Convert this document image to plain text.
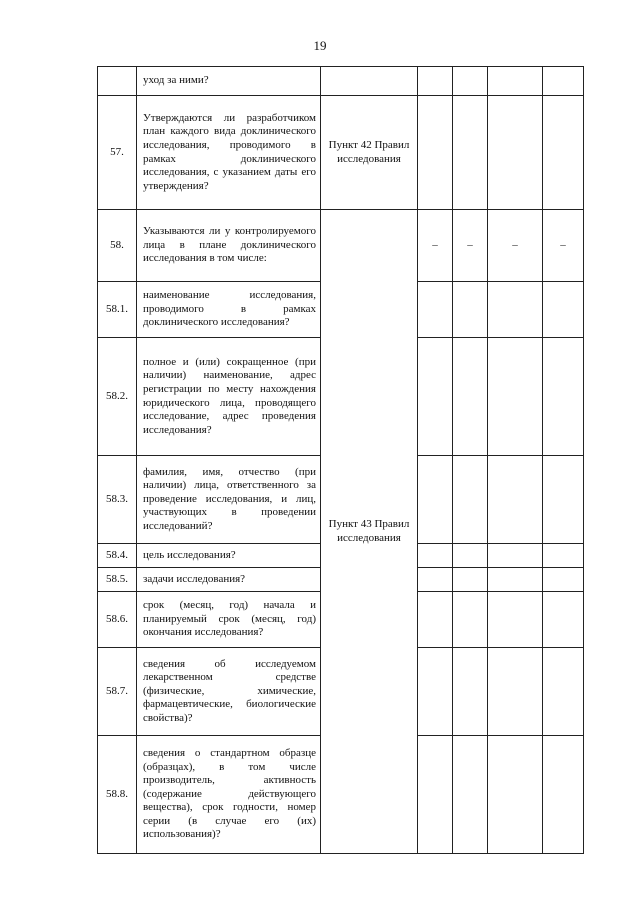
19
	уход за ними?					
57.	Утверждаются ли разработчиком план каждого вида доклинического исследования, проводимого в рамках доклинического исследования, с указанием даты его утверждения?	Пункт 42 Правил исследования				
58.	Указываются ли у контролируемого лица в плане доклинического исследования в том числе:	Пункт 43 Правил исследования	–	–	–	–
58.1.	наименование исследования, проводимого в рамках доклинического исследования?					
58.2.	полное и (или) сокращенное (при наличии) наименование, адрес регистрации по месту нахождения юридического лица, проводящего исследование, адрес проведения исследования?					
58.3.	фамилия, имя, отчество (при наличии) лица, ответственного за проведение исследования, и лиц, участвующих в проведении исследований?					
58.4.	цель исследования?					
58.5.	задачи исследования?					
58.6.	срок (месяц, год) начала и планируемый срок (месяц, год) окончания исследования?					
58.7.	сведения об исследуемом лекарственном средстве (физические, химические, фармацевтические, биологические свойства)?					
58.8.	сведения о стандартном образце (образцах), в том числе производитель, активность (содержание действующего вещества), срок годности, номер серии (в случае его (их) использования)?					
